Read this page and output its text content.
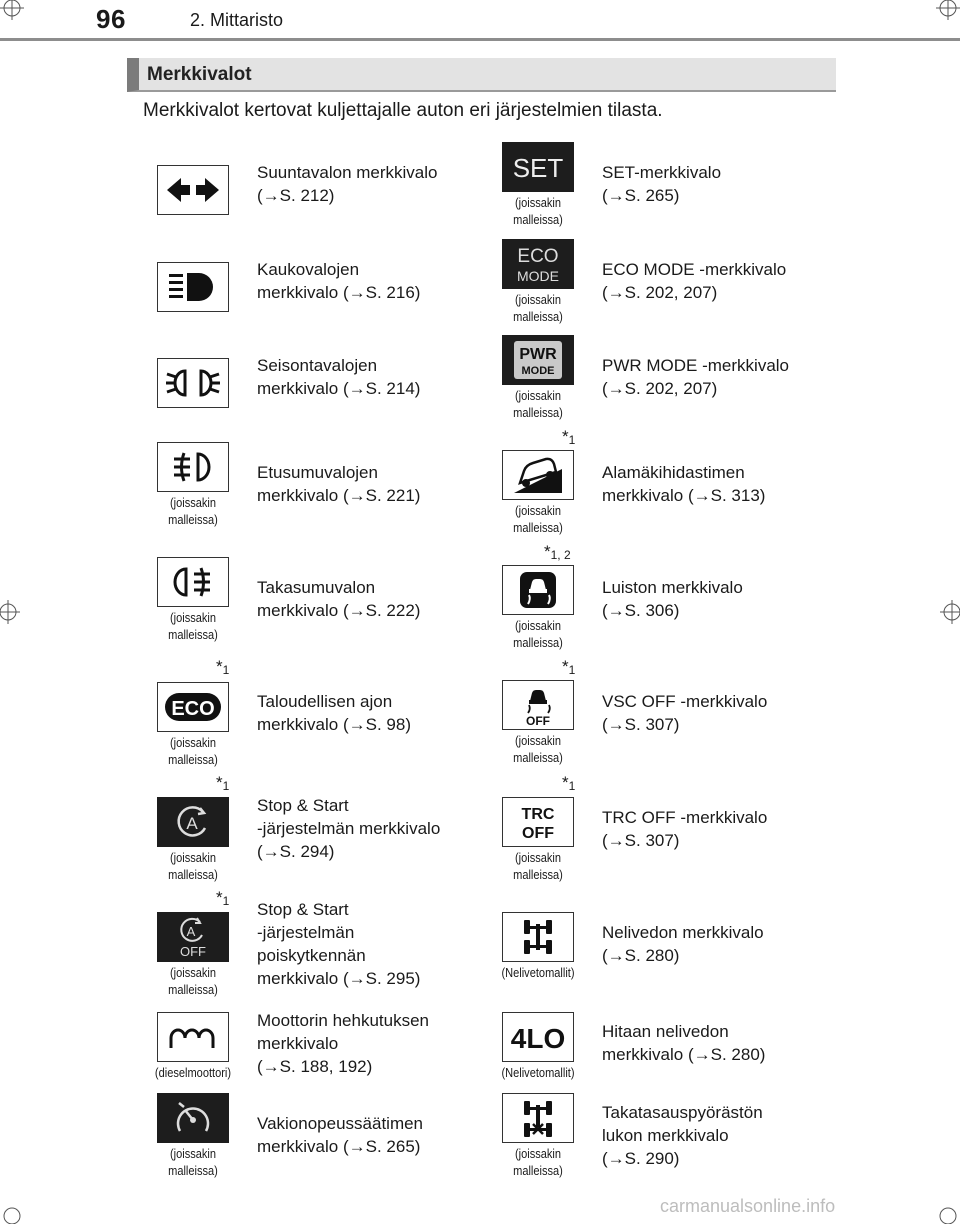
96	2. Mittaristo
Merkkivalot
Merkkivalot kertovat kuljettajalle auton eri järjestelmien tilasta.
Suuntavalon merkkivalo
(→S. 212)
Kaukovalojen
merkkivalo (→S. 216)
Seisontavalojen
merkkivalo (→S. 214)
(joissakin malleissa)
Etusumuvalojen
merkkivalo (→S. 221)
(joissakin malleissa)
Takasumuvalon
merkkivalo (→S. 222)
*$^1$
ECO
(joissakin malleissa)
Taloudellisen ajon
merkkivalo (→S. 98)
*$^1$
A
(joissakin malleissa)
Stop & Start
-järjestelmän merkkivalo
(→S. 294)
*$^1$
A
OFF
(joissakin malleissa)
Stop & Start
-järjestelmän
poiskytkennän
merkkivalo (→S. 295)
(dieselmoottori)
Moottorin hehkutuksen
merkkivalo
(→S. 188, 192)
(joissakin malleissa)
Vakionopeussäätimen
merkkivalo (→S. 265)
SET
(joissakin malleissa)
SET-merkkivalo
(→S. 265)
ECO
MODE
(joissakin malleissa)
ECO MODE -merkkivalo
(→S. 202, 207)
PWR
MODE
(joissakin malleissa)
PWR MODE -merkkivalo
(→S. 202, 207)
*$^1$
(joissakin malleissa)
Alamäkihidastimen
merkkivalo (→S. 313)
*$^{1, 2}$
(joissakin malleissa)
Luiston merkkivalo
(→S. 306)
*$^1$
OFF
(joissakin malleissa)
VSC OFF -merkkivalo
(→S. 307)
*$^1$
TRC
OFF
(joissakin malleissa)
TRC OFF -merkkivalo
(→S. 307)
(Nelivetomallit)
Nelivedon merkkivalo
(→S. 280)
4LO
(Nelivetomallit)
Hitaan nelivedon
merkkivalo (→S. 280)
(joissakin malleissa)
Takatasauspyörästön
lukon merkkivalo
(→S. 290)
carmanualsonline.info
